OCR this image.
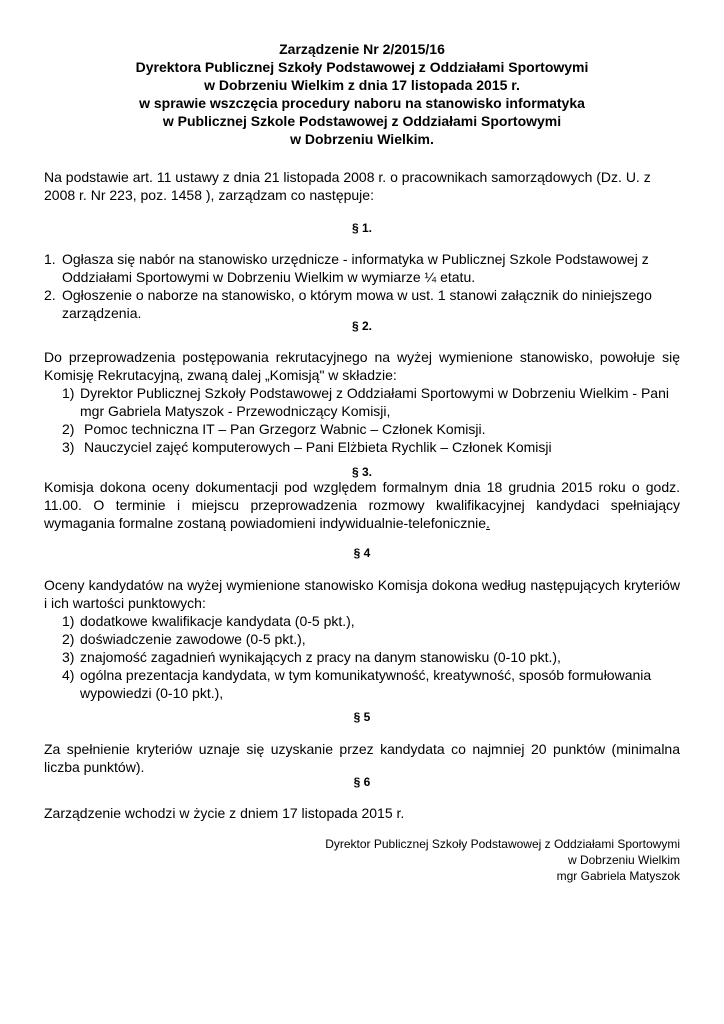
Zarządzenie Nr 2/2015/16
Dyrektora Publicznej Szkoły Podstawowej z Oddziałami Sportowymi
w Dobrzeniu Wielkim z dnia 17 listopada 2015 r.
w sprawie wszczęcia procedury naboru na stanowisko informatyka
w Publicznej Szkole Podstawowej z Oddziałami Sportowymi
w Dobrzeniu Wielkim.
Na podstawie art. 11 ustawy z dnia 21 listopada 2008 r. o pracownikach samorządowych (Dz. U. z 2008 r. Nr 223, poz. 1458 ), zarządzam co następuje:
§ 1.
1. Ogłasza się nabór na stanowisko urzędnicze - informatyka w Publicznej Szkole Podstawowej z Oddziałami Sportowymi w Dobrzeniu Wielkim w wymiarze ¼ etatu.
2. Ogłoszenie o naborze na stanowisko, o którym mowa w ust. 1 stanowi załącznik do niniejszego zarządzenia.
§ 2.
Do przeprowadzenia postępowania rekrutacyjnego na wyżej wymienione stanowisko, powołuje się Komisję Rekrutacyjną, zwaną dalej „Komisją" w składzie:
1) Dyrektor Publicznej Szkoły Podstawowej z Oddziałami Sportowymi w Dobrzeniu Wielkim - Pani mgr Gabriela Matyszok - Przewodniczący Komisji,
2) Pomoc techniczna IT – Pan Grzegorz Wabnic – Członek Komisji.
3) Nauczyciel zajęć komputerowych – Pani Elżbieta Rychlik – Członek Komisji
§ 3.
Komisja dokona oceny dokumentacji pod względem formalnym dnia 18 grudnia 2015 roku o godz. 11.00. O terminie i miejscu przeprowadzenia rozmowy kwalifikacyjnej kandydaci spełniający wymagania formalne zostaną powiadomieni indywidualnie-telefonicznie.
§ 4
Oceny kandydatów na wyżej wymienione stanowisko Komisja dokona według następujących kryteriów i ich wartości punktowych:
1) dodatkowe kwalifikacje kandydata (0-5 pkt.),
2) doświadczenie zawodowe (0-5 pkt.),
3) znajomość zagadnień wynikających z pracy na danym stanowisku (0-10 pkt.),
4) ogólna prezentacja kandydata, w tym komunikatywność, kreatywność, sposób formułowania wypowiedzi (0-10 pkt.),
§ 5
Za spełnienie kryteriów uznaje się uzyskanie przez kandydata co najmniej 20 punktów (minimalna liczba punktów).
§ 6
Zarządzenie wchodzi w życie z dniem 17 listopada 2015 r.
Dyrektor Publicznej Szkoły Podstawowej z Oddziałami Sportowymi
w Dobrzeniu Wielkim
mgr Gabriela Matyszok
